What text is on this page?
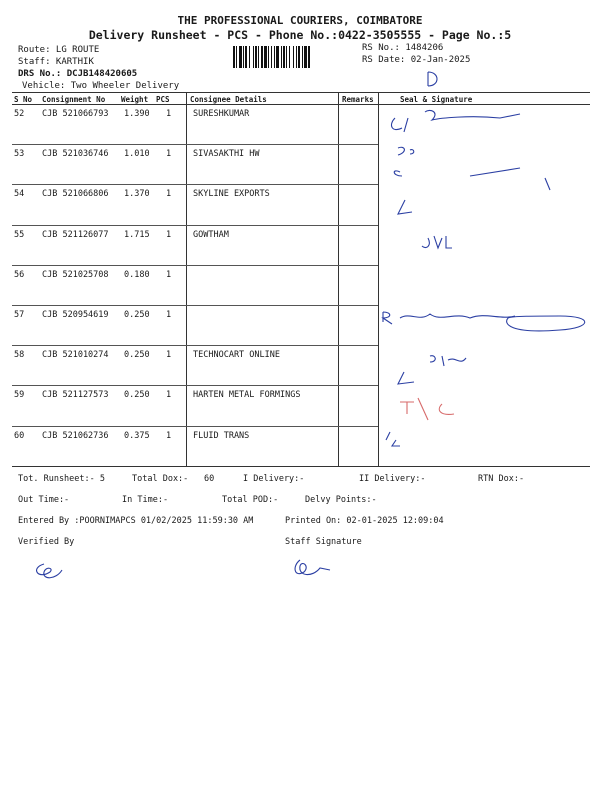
THE PROFESSIONAL COURIERS, COIMBATORE
Delivery Runsheet - PCS - Phone No.:0422-3505555 - Page No.:5
Route: LG ROUTE
Staff: KARTHIK
DRS No.: DCJB148420605
Vehicle: Two Wheeler Delivery
RS No.: 1484206
RS Date: 02-Jan-2025
S No Consignment No Weight PCS	Consignee Details	Remarks	Seal & Signature
52 CJB 521066793 1.390 1	SURESHKUMAR
53 CJB 521036746 1.010 1	SIVASAKTHI HW
54 CJB 521066806 1.370 1	SKYLINE EXPORTS
55 CJB 521126077 1.715 1	GOWTHAM
56 CJB 521025708 0.180 1
57 CJB 520954619 0.250 1
58 CJB 521010274 0.250 1	TECHNOCART ONLINE
59 CJB 521127573 0.250 1	HARTEN METAL FORMINGS
60 CJB 521062736 0.375 1	FLUID TRANS
9600884300
8489557879
S.Karthik 8286363796
Mahelam
Kndle 9543134998
Echod	R.Sugadesan
9542997749
8248722610
Ranganath 9600884300
Tot. Runsheet:- 5	Total Dox:- 60	I Delivery:-	II Delivery:-	RTN Dox:-
Out Time:-	In Time:-	Total POD:-	Delvy Points:-
Entered By :POORNIMAPCS 01/02/2025 11:59:30 AM	Printed On: 02-01-2025 12:09:04
Verified By	Staff Signature
